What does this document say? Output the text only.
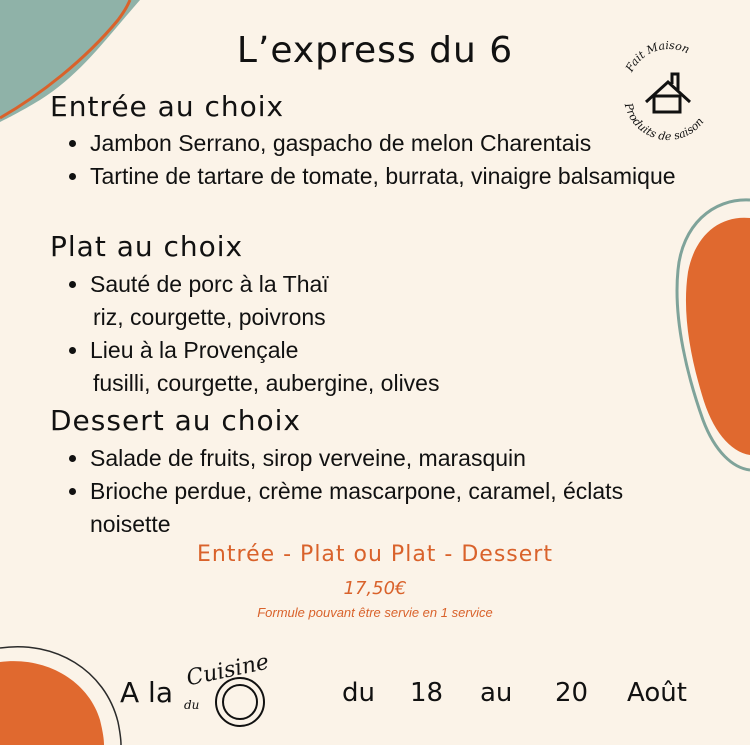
L’express du 6	Fait Maison
Produits de saison
Entrée au choix
• Jambon Serrano, gaspacho de melon Charentais
• Tartine de tartare de tomate, burrata, vinaigre balsamique
Plat au choix
• Sauté de porc à la Thaï
riz, courgette, poivrons
• Lieu à la Provençale
fusilli, courgette, aubergine, olives
Dessert au choix
• Salade de fruits, sirop verveine, marasquin
• Brioche perdue, crème mascarpone, caramel, éclats noisette
Entrée - Plat ou Plat - Dessert
17,50€
Formule pouvant être servie en 1 service
A la
Cuisine
du	du 18 au 20 Août
